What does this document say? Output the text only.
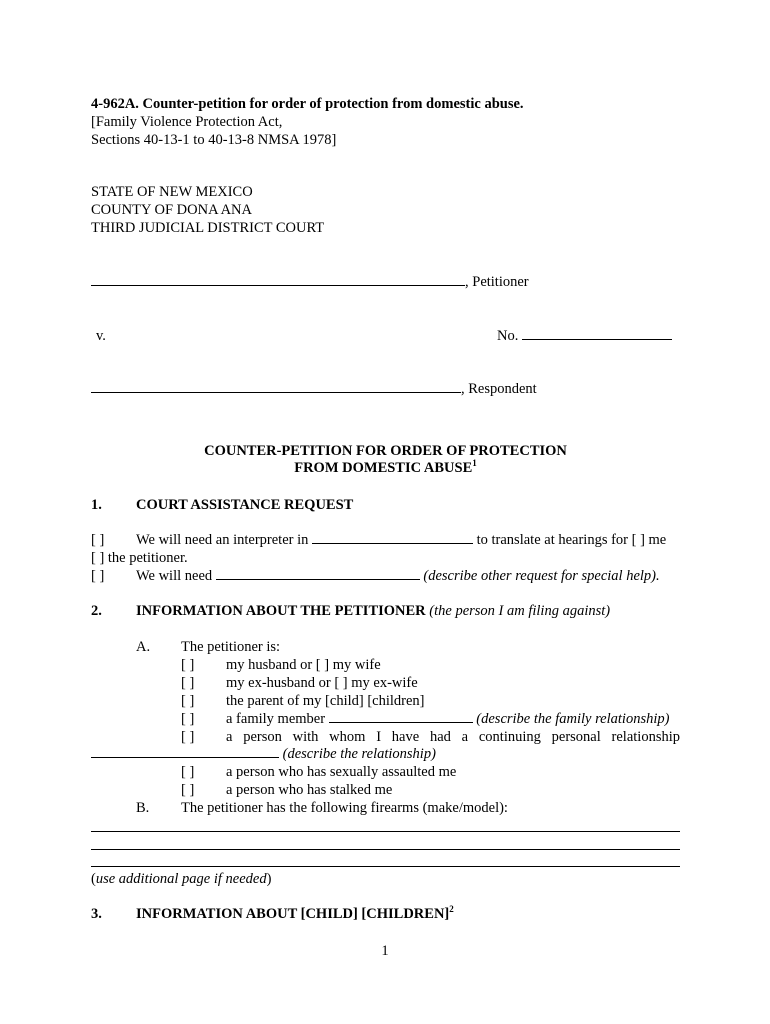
4-962A. Counter-petition for order of protection from domestic abuse.
[Family Violence Protection Act,
Sections 40-13-1 to 40-13-8 NMSA 1978]
STATE OF NEW MEXICO
COUNTY OF DONA ANA
THIRD JUDICIAL DISTRICT COURT
, Petitioner
v.	No.
, Respondent
COUNTER-PETITION FOR ORDER OF PROTECTION
FROM DOMESTIC ABUSE$^1$
1. COURT ASSISTANCE REQUEST
[ ] We will need an interpreter in	to translate at hearings for [ ] me
[ ] the petitioner.
[ ] We will need	(describe other request for special help).
2. INFORMATION ABOUT THE PETITIONER (the person I am filing against)
A. The petitioner is:
[ ] my husband or [ ] my wife
[ ] my ex-husband or [ ] my ex-wife
[ ] the parent of my [child] [children]
[ ] a family member	(describe the family relationship)
[ ] a person with whom I have had a continuing personal relationship
(describe the relationship)
[ ] a person who has sexually assaulted me
[ ] a person who has stalked me
B. The petitioner has the following firearms (make/model):
(use additional page if needed)
3. INFORMATION ABOUT [CHILD] [CHILDREN]$^2$
1
